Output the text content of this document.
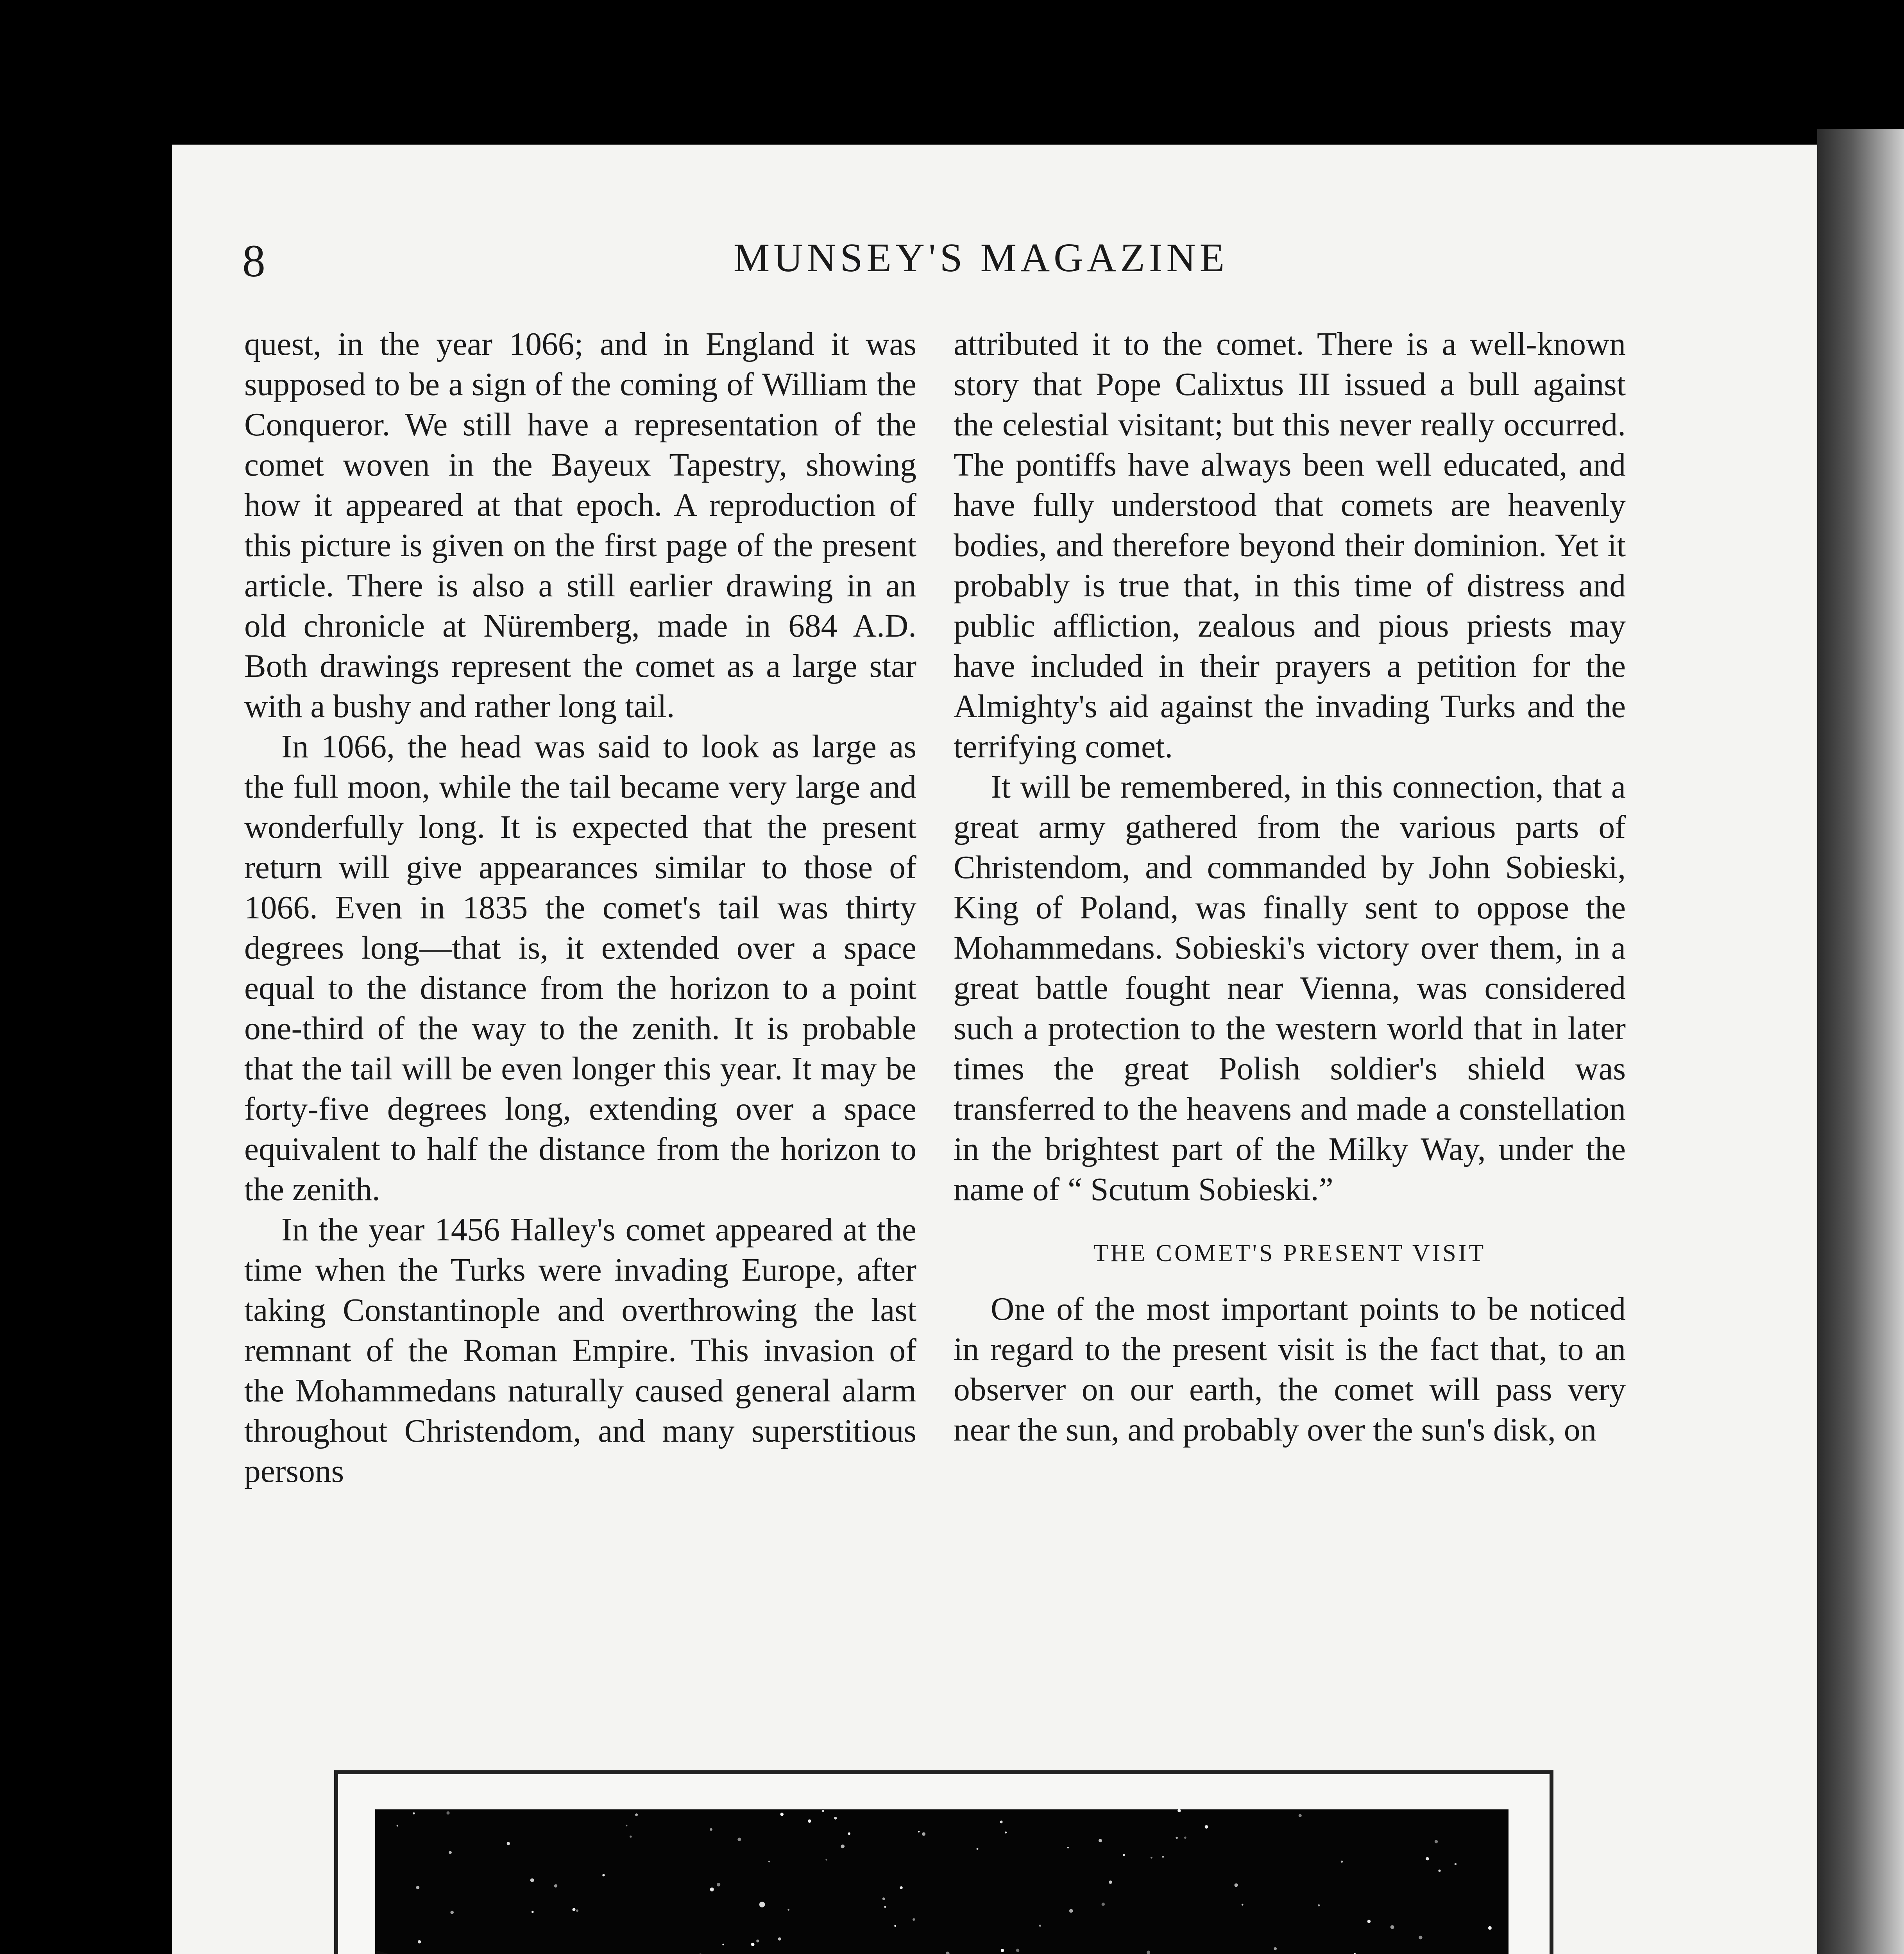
8	MUNSEY'S MAGAZINE

quest, in the year 1066; and in England it was supposed to be a sign of the coming of William the Conqueror. We still have a representation of the comet woven in the Bayeux Tapestry, showing how it appeared at that epoch. A reproduction of this picture is given on the first page of the present article. There is also a still earlier drawing in an old chronicle at Nüremberg, made in 684 A.D. Both drawings represent the comet as a large star with a bushy and rather long tail.

In 1066, the head was said to look as large as the full moon, while the tail became very large and wonderfully long. It is expected that the present return will give appearances similar to those of 1066. Even in 1835 the comet's tail was thirty degrees long—that is, it extended over a space equal to the distance from the horizon to a point one-third of the way to the zenith. It is probable that the tail will be even longer this year. It may be forty-five degrees long, extending over a space equivalent to half the distance from the horizon to the zenith.

In the year 1456 Halley's comet appeared at the time when the Turks were invading Europe, after taking Constantinople and overthrowing the last remnant of the Roman Empire. This invasion of the Mohammedans naturally caused general alarm throughout Christendom, and many superstitious persons

attributed it to the comet. There is a well-known story that Pope Calixtus III issued a bull against the celestial visitant; but this never really occurred. The pontiffs have always been well educated, and have fully understood that comets are heavenly bodies, and therefore beyond their dominion. Yet it probably is true that, in this time of distress and public affliction, zealous and pious priests may have included in their prayers a petition for the Almighty's aid against the invading Turks and the terrifying comet.

It will be remembered, in this connection, that a great army gathered from the various parts of Christendom, and commanded by John Sobieski, King of Poland, was finally sent to oppose the Mohammedans. Sobieski's victory over them, in a great battle fought near Vienna, was considered such a protection to the western world that in later times the great Polish soldier's shield was transferred to the heavens and made a constellation in the brightest part of the Milky Way, under the name of “ Scutum Sobieski.”

THE COMET'S PRESENT VISIT

One of the most important points to be noticed in regard to the present visit is the fact that, to an observer on our earth, the comet will pass very near the sun, and probably over the sun's disk, on
